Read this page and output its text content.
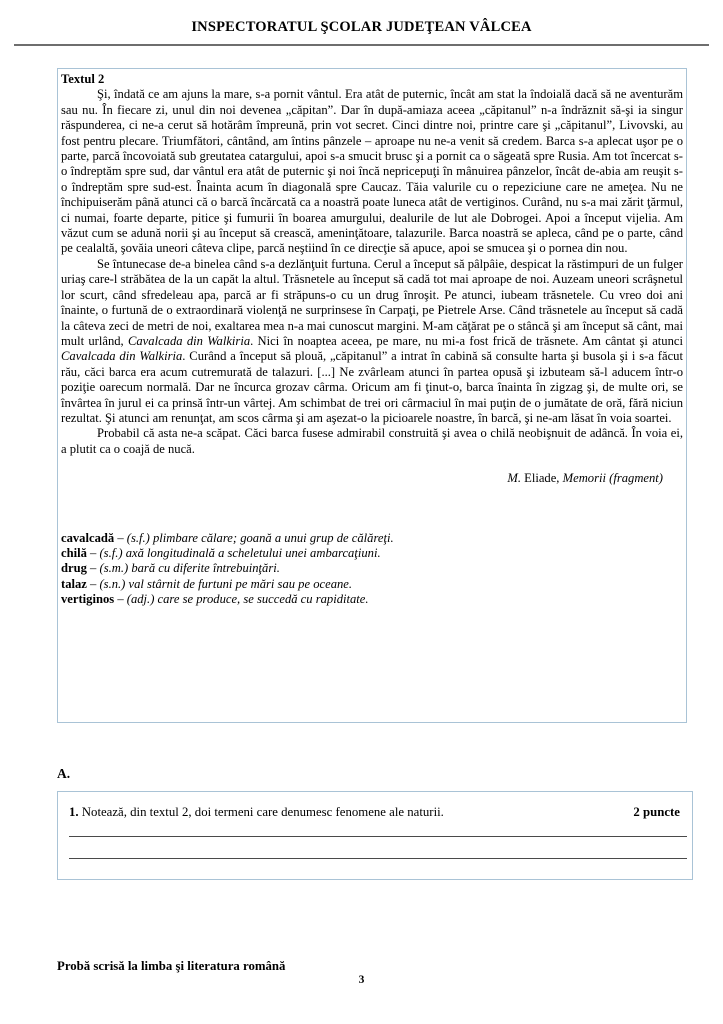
INSPECTORATUL ŞCOLAR JUDEŢEAN VÂLCEA
Textul 2

Şi, îndată ce am ajuns la mare, s-a pornit vântul. Era atât de puternic, încât am stat la îndoială dacă să ne aventurăm sau nu. În fiecare zi, unul din noi devenea „căpitan”. Dar în după-amiaza aceea „căpitanul” n-a îndrăznit să-şi ia singur răspunderea, ci ne-a cerut să hotărâm împreună, prin vot secret. Cinci dintre noi, printre care şi „căpitanul”, Livovski, au fost pentru plecare. Triumfători, cântând, am întins pânzele – aproape nu ne-a venit să credem. Barca s-a aplecat uşor pe o parte, parcă încovoiată sub greutatea catargului, apoi s-a smucit brusc şi a pornit ca o săgeată spre Rusia. Am tot încercat s-o îndreptăm spre sud, dar vântul era atât de puternic şi noi încă nepricepuţi în mânuirea pânzelor, încât de-abia am reuşit s-o îndreptăm spre sud-est. Înainta acum în diagonală spre Caucaz. Tăia valurile cu o repeziciune care ne ameţea. Nu ne închipuiserăm până atunci că o barcă încărcată ca a noastră poate luneca atât de vertiginos. Curând, nu s-a mai zărit ţărmul, ci numai, foarte departe, pitice şi fumurii în boarea amurgului, dealurile de lut ale Dobrogei. Apoi a început vijelia. Am văzut cum se adună norii şi au început să crească, ameninţătoare, talazurile. Barca noastră se apleca, când pe o parte, când pe cealaltă, şovăia uneori câteva clipe, parcă neştiind în ce direcţie să apuce, apoi se smucea şi o pornea din nou.

Se întunecase de-a binelea când s-a dezlănţuit furtuna. Cerul a început să pâlpâie, despicat la răstimpuri de un fulger uriaş care-l străbătea de la un capăt la altul. Trăsnetele au început să cadă tot mai aproape de noi. Auzeam uneori scrâşnetul lor scurt, când sfredeleau apa, parcă ar fi străpuns-o cu un drug înroşit. Pe atunci, iubeam trăsnetele. Cu vreo doi ani înainte, o furtună de o extraordinară violenţă ne surprinsese în Carpaţi, pe Pietrele Arse. Când trăsnetele au început să cadă la câteva zeci de metri de noi, exaltarea mea n-a mai cunoscut margini. M-am căţărat pe o stâncă şi am început să cânt, mai mult urlând, Cavalcada din Walkiria. Nici în noaptea aceea, pe mare, nu mi-a fost frică de trăsnete. Am cântat şi atunci Cavalcada din Walkiria. Curând a început să plouă, „căpitanul” a intrat în cabină să consulte harta şi busola şi i s-a făcut rău, căci barca era acum cutremurată de talazuri. [...] Ne zvârleam atunci în partea opusă şi izbuteam să-l aducem într-o poziţie oarecum normală. Dar ne încurca grozav cârma. Oricum am fi ţinut-o, barca înainta în zigzag şi, de multe ori, se învârtea în jurul ei ca prinsă într-un vârtej. Am schimbat de trei ori cârmaciul în mai puţin de o jumătate de oră, fără niciun rezultat. Şi atunci am renunţat, am scos cârma şi am aşezat-o la picioarele noastre, în barcă, şi ne-am lăsat în voia soartei.

Probabil că asta ne-a scăpat. Căci barca fusese admirabil construită şi avea o chilă neobişnuit de adâncă. În voia ei, a plutit ca o coajă de nucă.

M. Eliade, Memorii (fragment)
cavalcadă – (s.f.) plimbare călare; goană a unui grup de călăreţi.
chilă – (s.f.) axă longitudinală a scheletului unei ambarcaţiuni.
drug – (s.m.) bară cu diferite întrebuinţări.
talaz – (s.n.) val stârnit de furtuni pe mări sau pe oceane.
vertiginos – (adj.) care se produce, se succedă cu rapiditate.
A.
1. Notează, din textul 2, doi termeni care denumesc fenomene ale naturii.	2 puncte
Probă scrisă la limba şi literatura română
3
